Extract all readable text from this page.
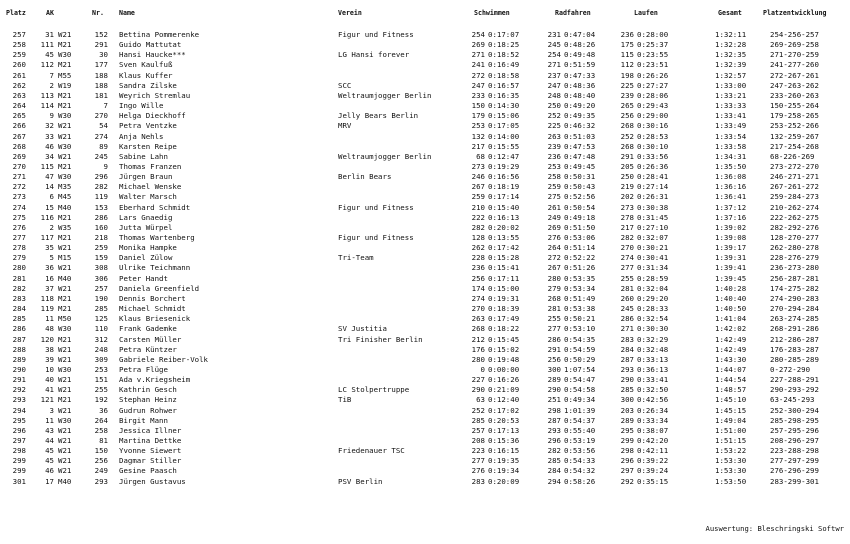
Platz	AK	Nr. Name	Verein	Schwimmen	Radfahren	Laufen	Gesamt	Platzentwicklung
257	31 W21	152 Bettina Pommerenke	Figur und Fitness	254 0:17:07	231 0:47:04	236 0:28:00	1:32:11	254-256-257
258	111 M21	291 Guido Mattutat	269 0:18:25	245 0:48:26	175 0:25:37	1:32:28	269-269-258
259	45 W30	30 Hansi Haucke***	LG Hansi forever	271 0:18:52	254 0:49:48	115 0:23:55	1:32:35	271-270-259
260	112 M21	177 Sven Kaulfuß	241 0:16:49	271 0:51:59	112 0:23:51	1:32:39	241-277-260
261	7 M55	188 Klaus Kuffer	272 0:18:58	237 0:47:33	198 0:26:26	1:32:57	272-267-261
262	2 W19	188 Sandra Zilske	SCC	247 0:16:57	247 0:48:36	225 0:27:27	1:33:00	247-263-262
263	113 M21	181 Weyrich Stremlau	Weltraumjogger Berlin	233 0:16:35	248 0:48:40	239 0:28:06	1:33:21	233-260-263
264	114 M21	7 Ingo Wille	150 0:14:30	250 0:49:20	265 0:29:43	1:33:33	150-255-264
265	9 W30	270 Helga Dieckhoff	Jelly Bears Berlin	179 0:15:06	252 0:49:35	256 0:29:00	1:33:41	179-258-265
266	32 W21	54 Petra Ventzke	MRV	253 0:17:05	225 0:46:32	268 0:30:16	1:33:49	253-252-266
267	33 W21	274 Anja Nehls	132 0:14:00	263 0:51:03	252 0:28:53	1:33:54	132-259-267
268	46 W30	89 Karsten Reipe	217 0:15:55	239 0:47:53	268 0:30:10	1:33:58	217-254-268
269	34 W21	245 Sabine Lahn	Weltraumjogger Berlin	68 0:12:47	236 0:47:48	291 0:33:56	1:34:31	68-226-269
270	115 M21	9 Thomas Franzen	273 0:19:29	253 0:49:45	205 0:26:36	1:35:50	273-272-270
271	47 W30	296 Jürgen Braun	Berlin Bears	246 0:16:56	258 0:50:31	250 0:28:41	1:36:08	246-271-271
272	14 M35	282 Michael Wenske	267 0:18:19	259 0:50:43	219 0:27:14	1:36:16	267-261-272
273	6 M45	119 Walter Marsch	259 0:17:14	275 0:52:56	202 0:26:31	1:36:41	259-284-273
274	15 M40	153 Eberhard Schmidt	Figur und Fitness	210 0:15:40	261 0:50:54	273 0:30:38	1:37:12	210-262-274
275	116 M21	286 Lars Gnaedig	222 0:16:13	249 0:49:18	278 0:31:45	1:37:16	222-262-275
276	2 W35	160 Jutta Würpel	282 0:20:02	269 0:51:50	217 0:27:10	1:39:02	282-292-276
277	117 M21	218 Thomas Wartenberg	Figur und Fitness	128 0:13:55	276 0:53:06	282 0:32:07	1:39:08	128-270-277
278	35 W21	259 Monika Hampke	262 0:17:42	264 0:51:14	270 0:30:21	1:39:17	262-280-278
279	5 M15	159 Daniel Zülow	Tri-Team	228 0:15:28	272 0:52:22	274 0:30:41	1:39:31	228-276-279
280	36 W21	308 Ulrike Teichmann	236 0:15:41	267 0:51:26	277 0:31:34	1:39:41	236-273-280
281	16 M40	306 Peter Handt	256 0:17:11	280 0:53:35	255 0:28:59	1:39:45	256-287-281
282	37 W21	257 Daniela Greenfield	174 0:15:00	279 0:53:34	281 0:32:04	1:40:28	174-275-282
283	118 M21	190 Dennis Borchert	274 0:19:31	268 0:51:49	260 0:29:20	1:40:40	274-290-283
284	119 M21	285 Michael Schmidt	270 0:18:39	281 0:53:38	245 0:28:33	1:40:50	270-294-284
285	11 M50	125 Klaus Briesenick	263 0:17:49	255 0:50:21	286 0:32:54	1:41:04	263-274-285
286	48 W30	110 Frank Gademke	SV Justitia	268 0:18:22	277 0:53:10	271 0:30:30	1:42:02	268-291-286
287	120 M21	312 Carsten Müller	Tri Finisher Berlin	212 0:15:45	286 0:54:35	283 0:32:29	1:42:49	212-286-287
288	38 W21	248 Petra Küntzer	176 0:15:02	291 0:54:59	284 0:32:48	1:42:49	176-283-287
289	39 W21	309 Gabriele Reiber-Volk	280 0:19:48	256 0:50:29	287 0:33:13	1:43:30	280-285-289
290	10 W30	253 Petra Flüge	0 0:00:00	300 1:07:54	293 0:36:13	1:44:07	0-272-290
291	40 W21	151 Ada v.Kriegsheim	227 0:16:26	289 0:54:47	290 0:33:41	1:44:54	227-288-291
292	41 W21	255 Kathrin Gesch	LC Stolpertruppe	290 0:21:09	290 0:54:58	285 0:32:50	1:48:57	290-293-292
293	121 M21	192 Stephan Heinz	TiB	63 0:12:40	251 0:49:34	300 0:42:56	1:45:10	63-245-293
294	3 W21	36 Gudrun Rohwer	252 0:17:02	298 1:01:39	203 0:26:34	1:45:15	252-300-294
295	11 W30	264 Birgit Mann	285 0:20:53	287 0:54:37	289 0:33:34	1:49:04	285-298-295
296	43 W21	258 Jessica Illner	257 0:17:13	293 0:55:40	295 0:38:07	1:51:00	257-295-296
297	44 W21	81 Martina Dettke	208 0:15:36	296 0:53:19	299 0:42:20	1:51:15	208-296-297
298	45 W21	150 Yvonne Siewert	Friedenauer TSC	223 0:16:15	282 0:53:56	298 0:42:11	1:53:22	223-288-298
299	45 W21	256 Dagmar Stiller	277 0:19:35	285 0:54:33	296 0:39:22	1:53:30	277-297-299
299	46 W21	249 Gesine Paasch	276 0:19:34	284 0:54:32	297 0:39:24	1:53:30	276-296-299
301	17 M40	293 Jürgen Gustavus	PSV Berlin	283 0:20:09	294 0:58:26	292 0:35:15	1:53:50	283-299-301
Auswertung: Bleschringski Softwr
